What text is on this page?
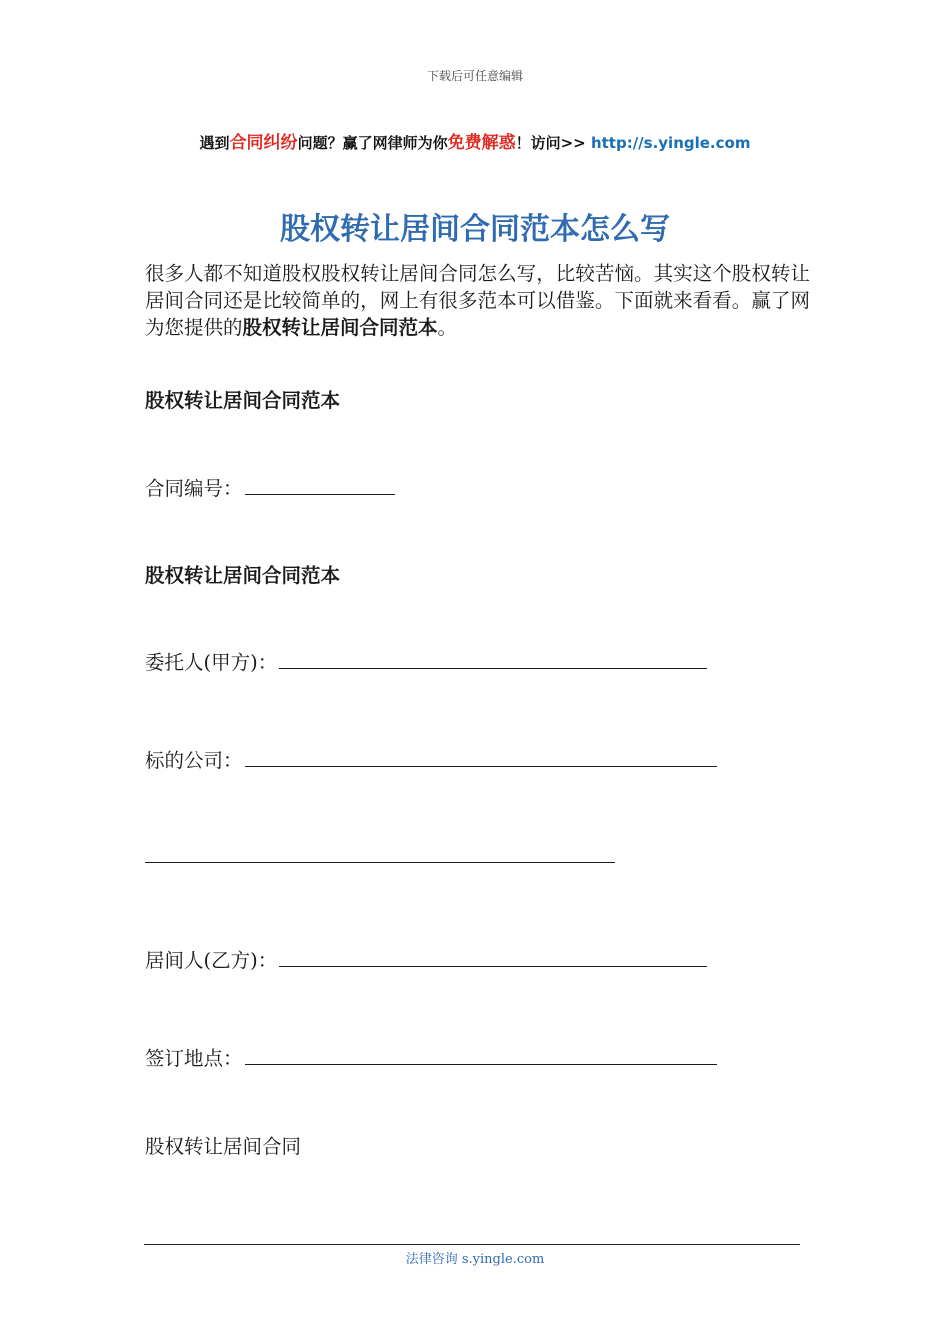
下载后可任意编辑
遇到合同纠纷问题？赢了网律师为你免费解惑！访问>> http://s.yingle.com
股权转让居间合同范本怎么写
很多人都不知道股权股权转让居间合同怎么写，比较苦恼。其实这个股权转让居间合同还是比较简单的，网上有很多范本可以借鉴。下面就来看看。赢了网为您提供的股权转让居间合同范本。
股权转让居间合同范本
合同编号：
股权转让居间合同范本
委托人(甲方)：
标的公司：
居间人(乙方)：
签订地点：
股权转让居间合同
法律咨询 s.yingle.com
